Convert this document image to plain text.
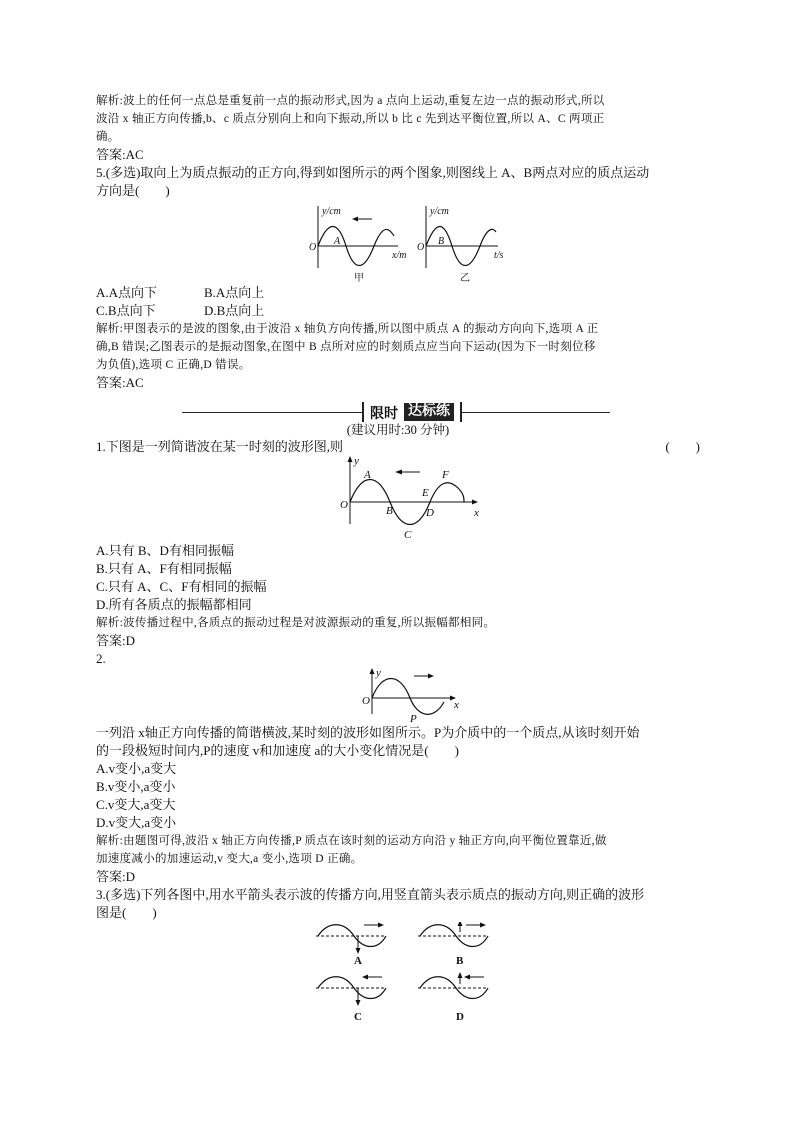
解析:波上的任何一点总是重复前一点的振动形式,因为 a 点向上运动,重复左边一点的振动形式,所以

波沿 x 轴正方向传播,b、c 质点分别向上和向下振动,所以 b 比 c 先到达平衡位置,所以 A、C 两项正

确。

答案:AC

5.(多选)取向上为质点振动的正方向,得到如图所示的两个图象,则图线上 A、B两点对应的质点运动

方向是(　　)

y/cm
O
A
x/m
甲
y/cm
O
B
t/s
乙

A.A点向下	B.A点向上

C.B点向下	D.B点向上

解析:甲图表示的是波的图象,由于波沿 x 轴负方向传播,所以图中质点 A 的振动方向向下,选项 A 正

确,B 错误;乙图表示的是振动图象,在图中 B 点所对应的时刻质点应当向下运动(因为下一时刻位移

为负值),选项 C 正确,D 错误。

答案:AC

限时 达标练

(建议用时:30 分钟)

1.下图是一列简谐波在某一时刻的波形图,则	(　　)
y
O
x
A
B
C
D
E
F

A.只有 B、D有相同振幅

B.只有 A、F有相同振幅

C.只有 A、C、F有相同的振幅

D.所有各质点的振幅都相同

解析:波传播过程中,各质点的振动过程是对波源振动的重复,所以振幅都相同。

答案:D

2.

y
O	x
P

一列沿 x轴正方向传播的简谐横波,某时刻的波形如图所示。P为介质中的一个质点,从该时刻开始

的一段极短时间内,P的速度 v和加速度 a的大小变化情况是(　　)

A.v变小,a变大

B.v变小,a变小

C.v变大,a变大

D.v变大,a变小

解析:由题图可得,波沿 x 轴正方向传播,P 质点在该时刻的运动方向沿 y 轴正方向,向平衡位置靠近,做

加速度减小的加速运动,v 变大,a 变小,选项 D 正确。

答案:D

3.(多选)下列各图中,用水平箭头表示波的传播方向,用竖直箭头表示质点的振动方向,则正确的波形

图是(　　)

A	B
C	D
